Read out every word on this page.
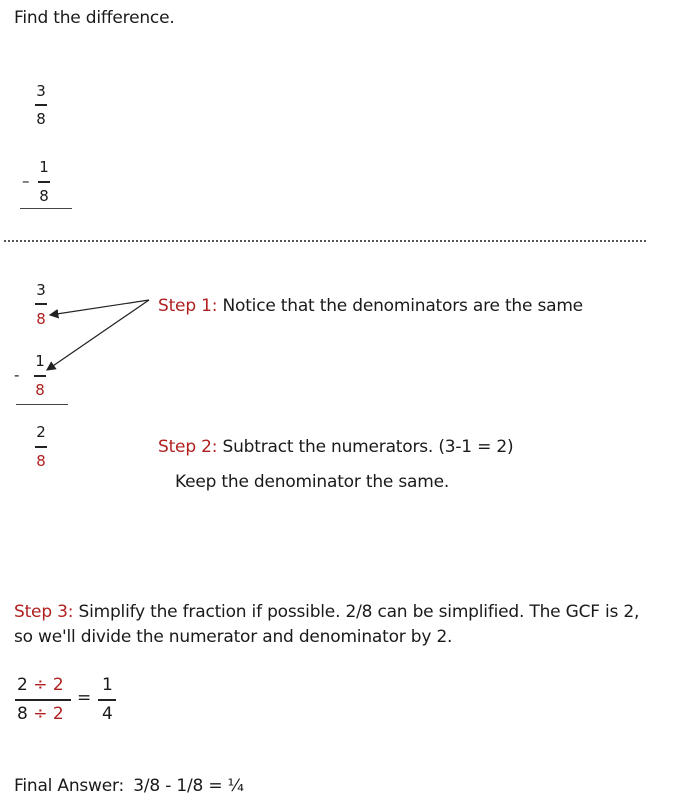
Find the difference.
3
8
–
1
8
3
8
-
1
8
2
8
Step 1: Notice that the denominators are the same
Step 2: Subtract the numerators. (3-1 = 2)
Keep the denominator the same.
Step 3: Simplify the fraction if possible. 2/8 can be simplified. The GCF is 2,
so we'll divide the numerator and denominator by 2.
2 ÷ 2
8 ÷ 2
=
1
4
Final Answer: 3/8 - 1/8 = ¼
